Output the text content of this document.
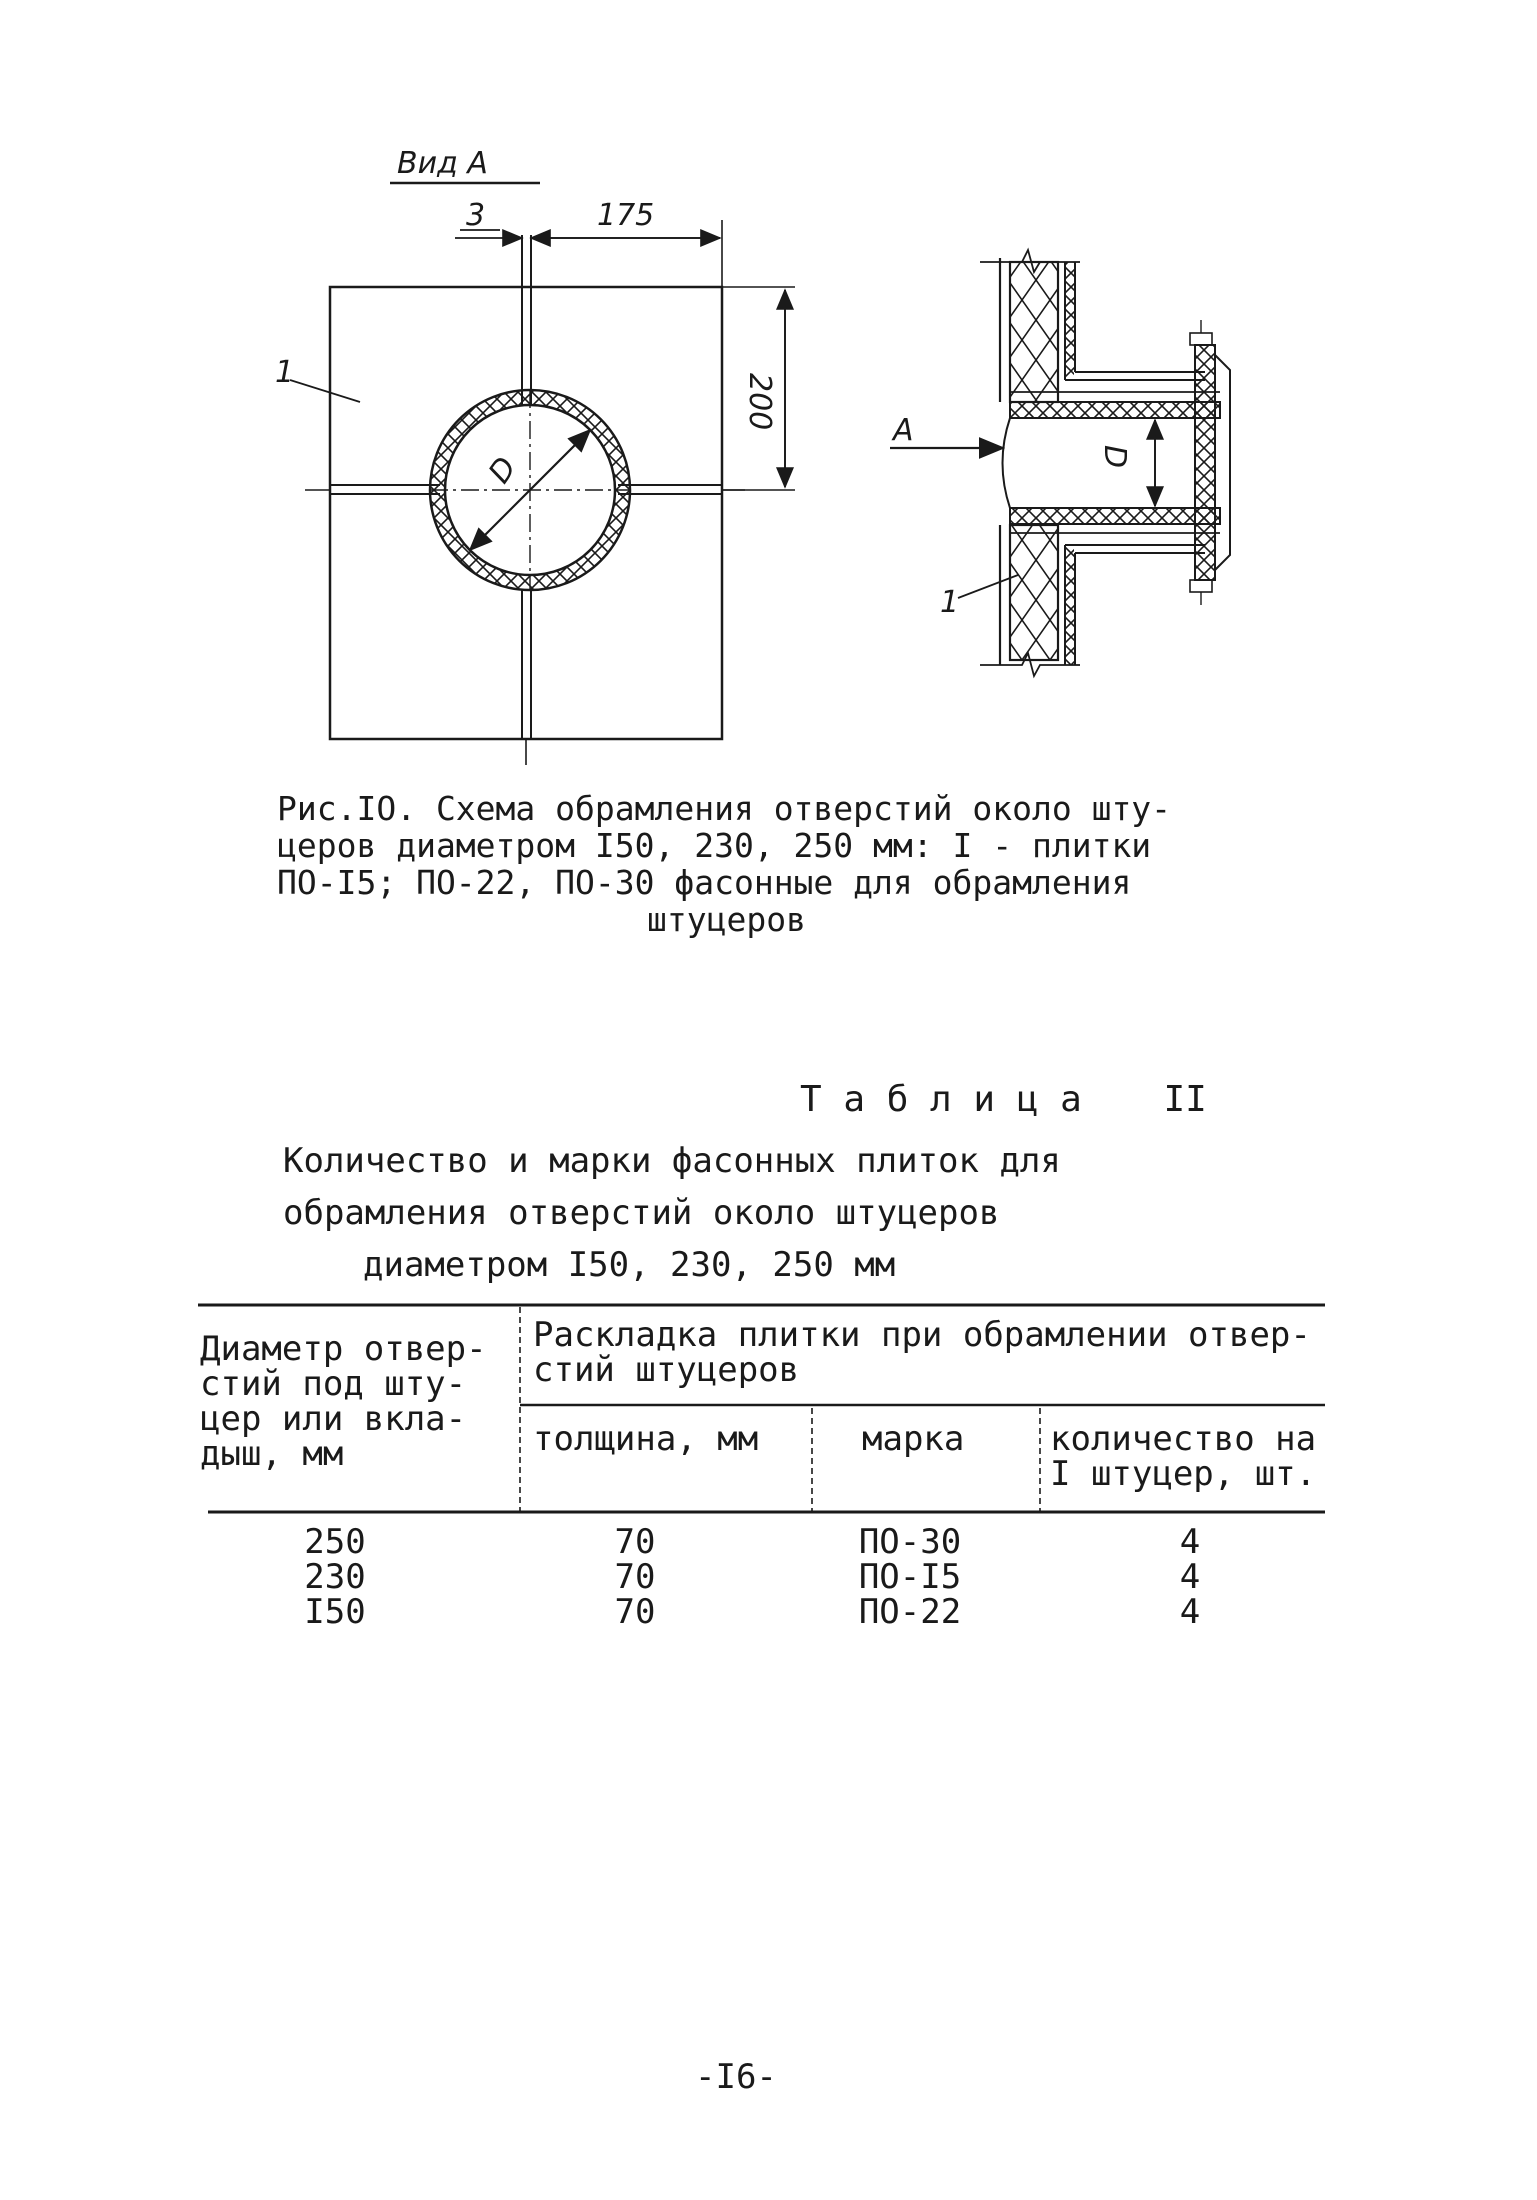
Вид А
D
3	175
200
1
D
А
1
Рис.IO. Схема обрамления отверстий около шту-
церов диаметром I50, 230, 250 мм: I - плитки
ПО-I5; ПО-22, ПО-30 фасонные для обрамления
штуцеров
Т а б л и ц а II
Количество и марки фасонных плиток для
обрамления отверстий около штуцеров
диаметром I50, 230, 250 мм
Диаметр отвер-
стий под шту-
цер или вкла-
дыш, мм
Раскладка плитки при обрамлении отвер-
стий штуцеров
толщина, мм	марка	количество на
I штуцер, шт.
250	70	ПО-30	4
230	70	ПО-I5	4
I50	70	ПО-22	4
-I6-
